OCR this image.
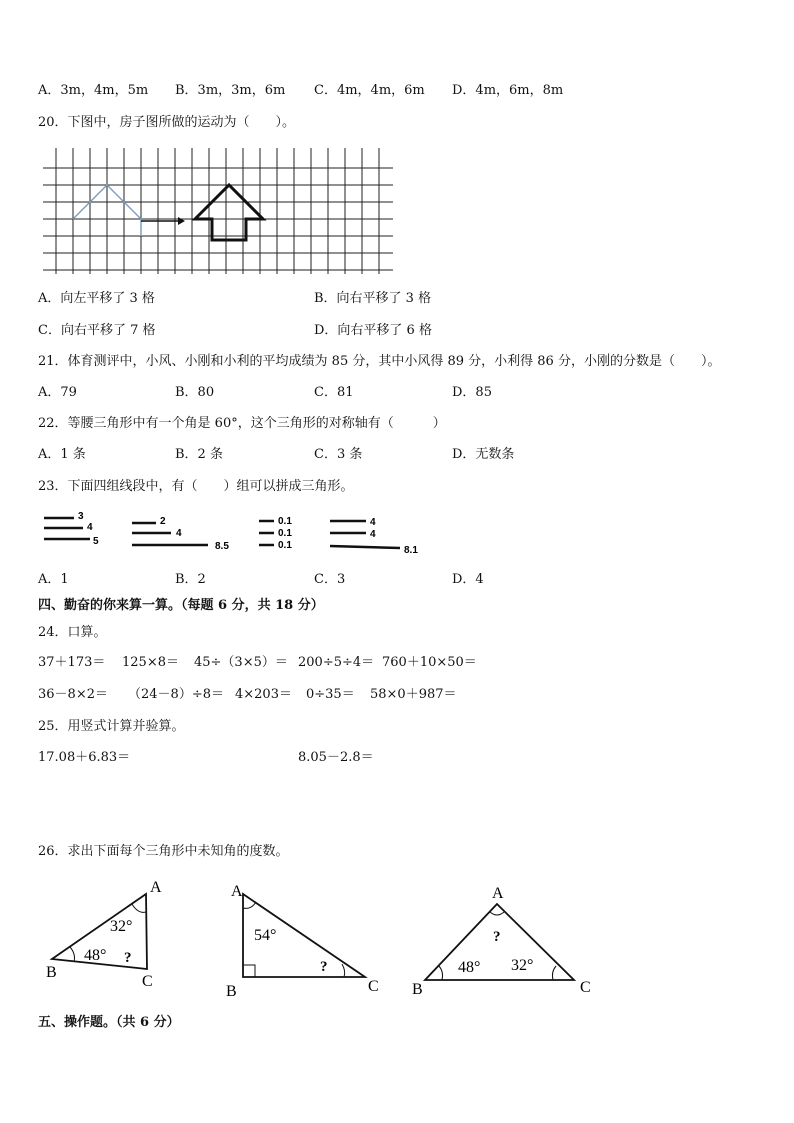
A．3m，4m，5m B．3m，3m，6m C．4m，4m，6m D．4m，6m，8m
20．下图中，房子图所做的运动为（　　）。
A．向左平移了 3 格	B．向右平移了 3 格
C．向右平移了 7 格	D．向右平移了 6 格
21．体育测评中，小风、小刚和小利的平均成绩为 85 分，其中小风得 89 分，小利得 86 分，小刚的分数是（　　）。
A．79	B．80	C．81	D．85
22．等腰三角形中有一个角是 60°，这个三角形的对称轴有（　　　）
A．1 条	B．2 条	C．3 条	D．无数条
23．下面四组线段中，有（　　）组可以拼成三角形。
3
4
5
2
4
8.5
0.1
0.1
0.1
4
4
8.1
A．1	B．2	C．3	D．4
四、勤奋的你来算一算。（每题 6 分，共 18 分）
24．口算。
37＋173＝ 125×8＝ 45÷（3×5）＝ 200÷5÷4＝ 760＋10×50＝
36－8×2＝ （24－8）÷8＝ 4×203＝ 0÷35＝ 58×0＋987＝
25．用竖式计算并验算。
17.08＋6.83＝	8.05－2.8＝
26．求出下面每个三角形中未知角的度数。
A
B
C
32°
48° ?
A
B	C
54°
?
A
B	C
?
48° 32°
五、操作题。（共 6 分）
